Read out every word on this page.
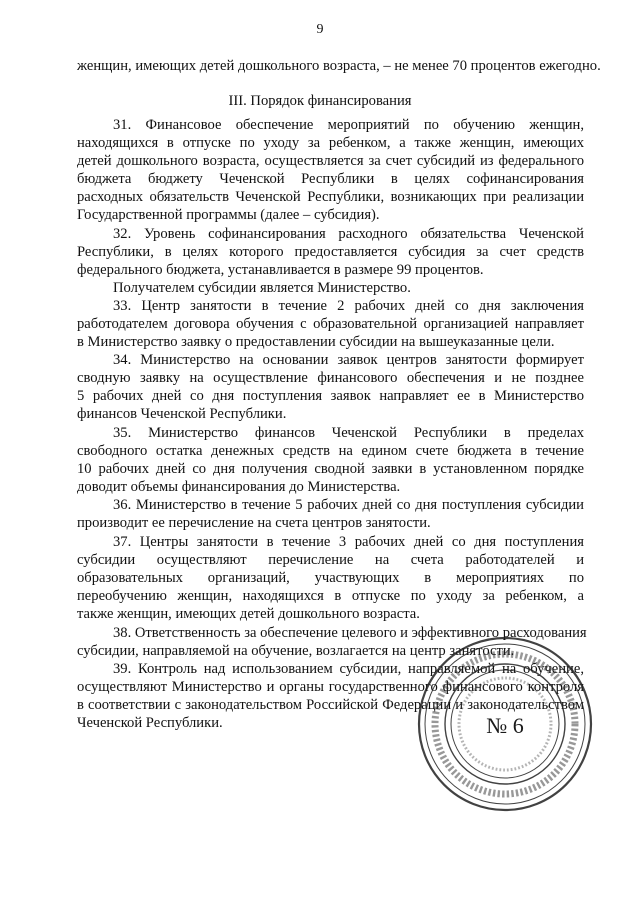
9
женщин, имеющих детей дошкольного возраста, – не менее 70 процентов ежегодно.
III. Порядок финансирования
31. Финансовое обеспечение мероприятий по обучению женщин,
находящихся в отпуске по уходу за ребенком, а также женщин, имеющих
детей дошкольного возраста, осуществляется за счет субсидий из федерального
бюджета бюджету Чеченской Республики в целях софинансирования
расходных обязательств Чеченской Республики, возникающих при реализации
Государственной программы (далее – субсидия).
32. Уровень софинансирования расходного обязательства Чеченской
Республики, в целях которого предоставляется субсидия за счет средств
федерального бюджета, устанавливается в размере 99 процентов.
Получателем субсидии является Министерство.
33. Центр занятости в течение 2 рабочих дней со дня заключения
работодателем договора обучения с образовательной организацией направляет
в Министерство заявку о предоставлении субсидии на вышеуказанные цели.
34. Министерство на основании заявок центров занятости формирует
сводную заявку на осуществление финансового обеспечения и не позднее
5 рабочих дней со дня поступления заявок направляет ее в Министерство
финансов Чеченской Республики.
35. Министерство финансов Чеченской Республики в пределах
свободного остатка денежных средств на едином счете бюджета в течение
10 рабочих дней со дня получения сводной заявки в установленном порядке
доводит объемы финансирования до Министерства.
36. Министерство в течение 5 рабочих дней со дня поступления субсидии
производит ее перечисление на счета центров занятости.
37. Центры занятости в течение 3 рабочих дней со дня поступления
субсидии осуществляют перечисление на счета работодателей и
образовательных организаций, участвующих в мероприятиях по
переобучению женщин, находящихся в отпуске по уходу за ребенком, а
также женщин, имеющих детей дошкольного возраста.
38. Ответственность за обеспечение целевого и эффективного расходования
субсидии, направляемой на обучение, возлагается на центр занятости.
39. Контроль над использованием субсидии, направляемой на обучение,
осуществляют Министерство и органы государственного финансового контроля
в соответствии с законодательством Российской Федерации и законодательством
Чеченской Республики.	№ 6
